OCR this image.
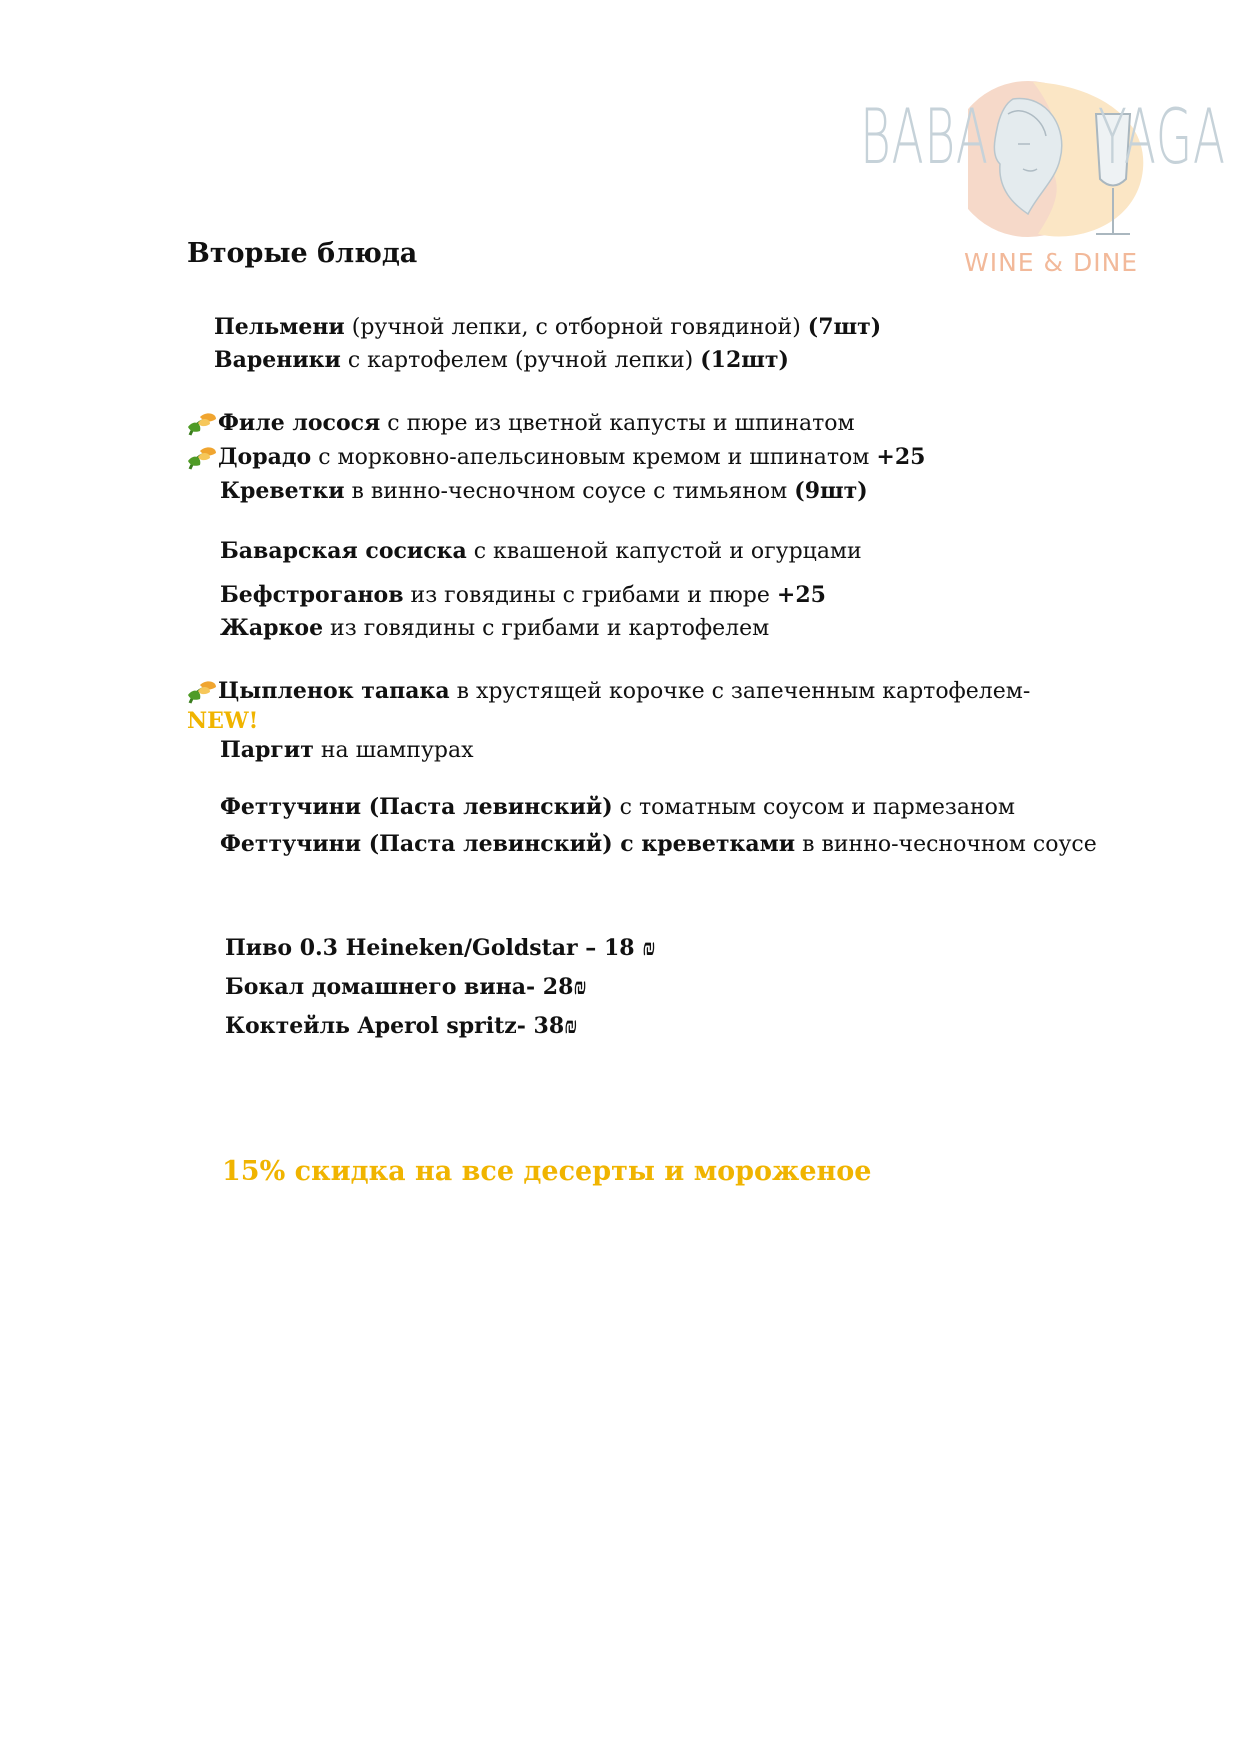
BABA YAGA
WINE & DINE
Вторые блюда
Пельмени (ручной лепки, с отборной говядиной) (7шт)
Вареники с картофелем (ручной лепки) (12шт)
Филе лосося с пюре из цветной капусты и шпинатом
Дорадо с морковно-апельсиновым кремом и шпинатом +25
Креветки в винно-чесночном соусе с тимьяном (9шт)
Баварская сосиска с квашеной капустой и огурцами
Бефстроганов из говядины с грибами и пюре +25
Жаркое из говядины с грибами и картофелем
Цыпленок тапака в хрустящей корочке с запеченным картофелем-
NEW!
Паргит на шампурах
Феттучини (Паста левинский) с томатным соусом и пармезаном
Феттучини (Паста левинский) с креветками в винно-чесночном соусе
Пиво 0.3 Heineken/Goldstar – 18 ₪
Бокал домашнего вина- 28₪
Коктейль Aperol spritz- 38₪
15% скидка на все десерты и мороженое
